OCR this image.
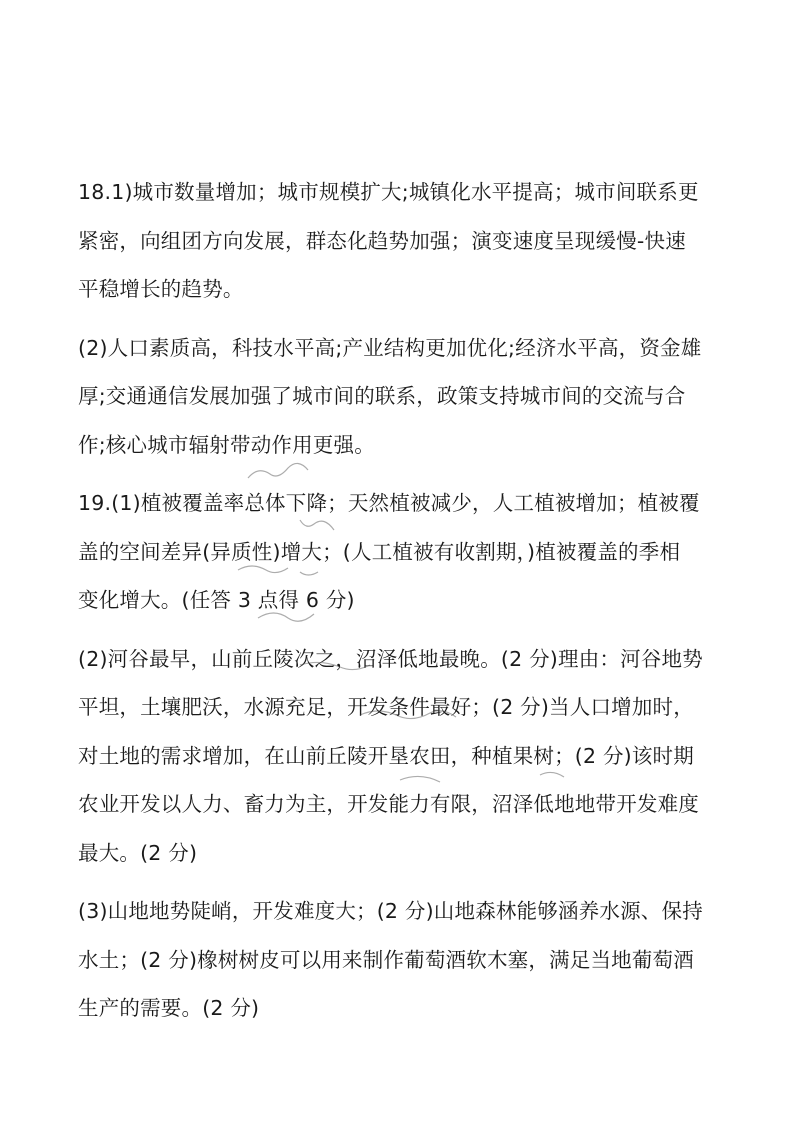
18.1)城市数量增加；城市规模扩大;城镇化水平提高；城市间联系更
紧密，向组团方向发展，群态化趋势加强；演变速度呈现缓慢-快速
平稳增长的趋势。
(2)人口素质高，科技水平高;产业结构更加优化;经济水平高，资金雄
厚;交通通信发展加强了城市间的联系，政策支持城市间的交流与合
作;核心城市辐射带动作用更强。
19.(1)植被覆盖率总体下降；天然植被减少，人工植被增加；植被覆
盖的空间差异(异质性)增大；(人工植被有收割期，)植被覆盖的季相
变化增大。(任答 3 点得 6 分)
(2)河谷最早，山前丘陵次之，沼泽低地最晚。(2 分)理由：河谷地势
平坦，土壤肥沃，水源充足，开发条件最好；(2 分)当人口增加时，
对土地的需求增加，在山前丘陵开垦农田，种植果树；(2 分)该时期
农业开发以人力、畜力为主，开发能力有限，沼泽低地地带开发难度
最大。(2 分)
(3)山地地势陡峭，开发难度大；(2 分)山地森林能够涵养水源、保持
水土；(2 分)橡树树皮可以用来制作葡萄酒软木塞，满足当地葡萄酒
生产的需要。(2 分)
